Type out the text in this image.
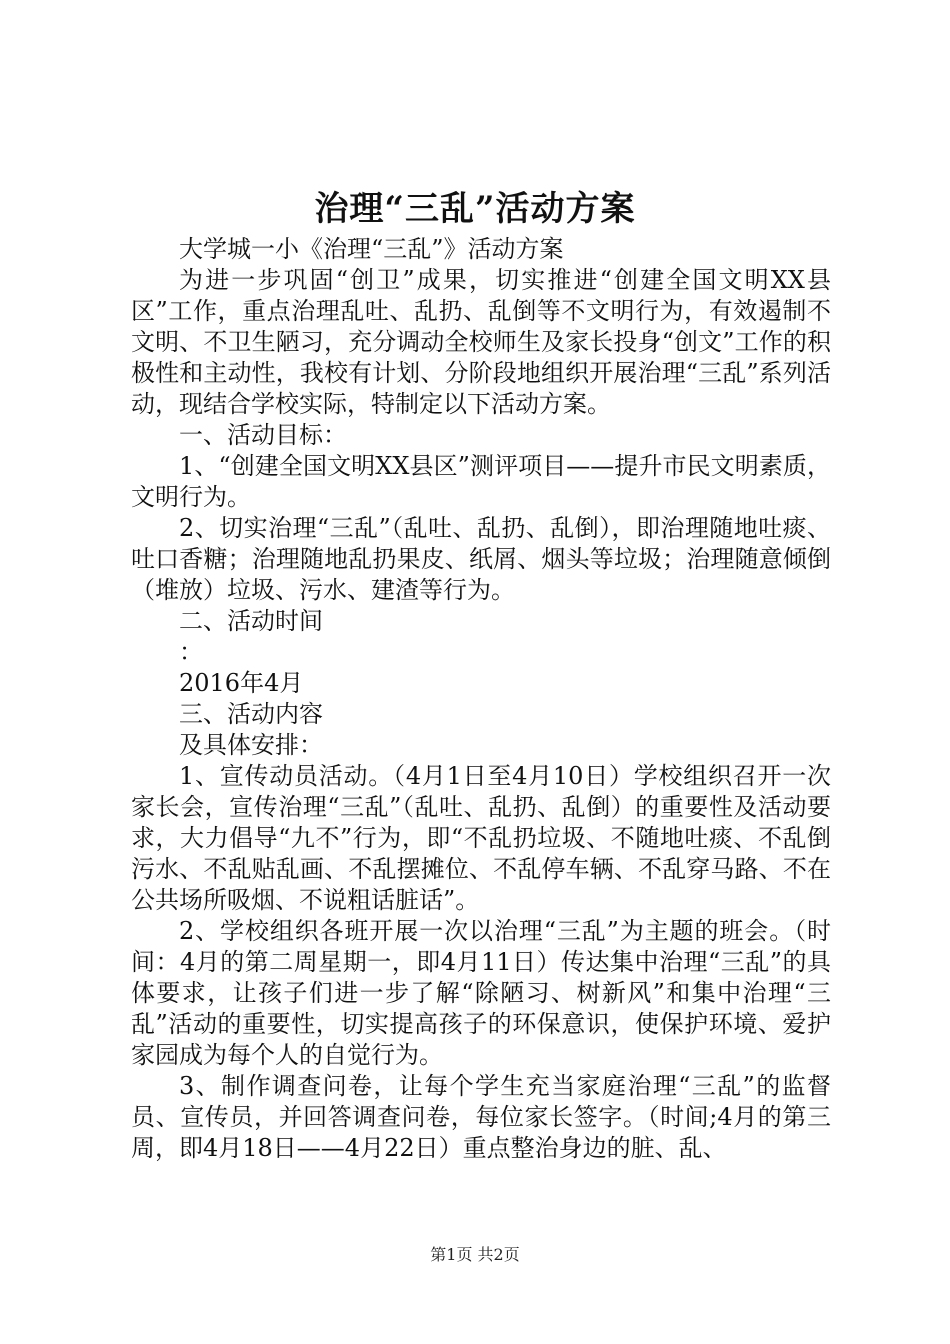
治理“三乱”活动方案

大学城一小《治理“三乱”》活动方案

为进一步巩固“创卫”成果，切实推进“创建全国文明XX县区”工作，重点治理乱吐、乱扔、乱倒等不文明行为，有效遏制不文明、不卫生陋习，充分调动全校师生及家长投身“创文”工作的积极性和主动性，我校有计划、分阶段地组织开展治理“三乱”系列活动，现结合学校实际，特制定以下活动方案。

一、活动目标：

1、“创建全国文明XX县区”测评项目——提升市民文明素质，文明行为。

2、切实治理“三乱”（乱吐、乱扔、乱倒），即治理随地吐痰、吐口香糖；治理随地乱扔果皮、纸屑、烟头等垃圾；治理随意倾倒（堆放）垃圾、污水、建渣等行为。

二、活动时间

：

2016年4月

三、活动内容

及具体安排：

1、宣传动员活动。（4月1日至4月10日）学校组织召开一次家长会，宣传治理“三乱”（乱吐、乱扔、乱倒）的重要性及活动要求，大力倡导“九不”行为，即“不乱扔垃圾、不随地吐痰、不乱倒污水、不乱贴乱画、不乱摆摊位、不乱停车辆、不乱穿马路、不在公共场所吸烟、不说粗话脏话”。

2、学校组织各班开展一次以治理“三乱”为主题的班会。（时间：4月的第二周星期一，即4月11日）传达集中治理“三乱”的具体要求，让孩子们进一步了解“除陋习、树新风”和集中治理“三乱”活动的重要性，切实提高孩子的环保意识，使保护环境、爱护家园成为每个人的自觉行为。

3、制作调查问卷，让每个学生充当家庭治理“三乱”的监督员、宣传员，并回答调查问卷，每位家长签字。（时间;4月的第三周，即4月18日——4月22日）重点整治身边的脏、乱、

第1页 共2页
